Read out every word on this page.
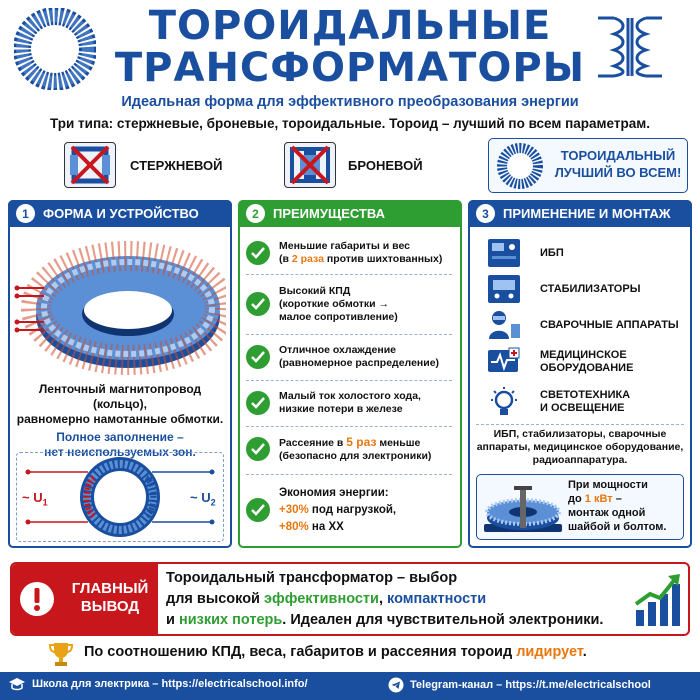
ТОРОИДАЛЬНЫЕ
ТРАНСФОРМАТОРЫ
Идеальная форма для эффективного преобразования энергии
Три типа: стержневые, броневые, тороидальные. Тороид – лучший по всем параметрам.
СТЕРЖНЕВОЙ	БРОНЕВОЙ
ТОРОИДАЛЬНЫЙ
ЛУЧШИЙ ВО ВСЕМ!
1	ФОРМА И УСТРОЙСТВО
Ленточный магнитопровод (кольцо),
равномерно намотанные обмотки.
Полное заполнение –
нет неиспользуемых зон.
~ $U_1$	~ $U_2$
2	ПРЕИМУЩЕСТВА
Меньшие габариты и вес
(в 2 раза против шихтованных)
Высокий КПД
(короткие обмотки →
малое сопротивление)
Отличное охлаждение
(равномерное распределение)
Малый ток холостого хода,
низкие потери в железе
Рассеяние в 5 раз меньше
(безопасно для электроники)
Экономия энергии:
+30% под нагрузкой,
+80% на ХХ
3	ПРИМЕНЕНИЕ И МОНТАЖ
ИБП
СТАБИЛИЗАТОРЫ
СВАРОЧНЫЕ АППАРАТЫ
МЕДИЦИНСКОЕ
ОБОРУДОВАНИЕ
СВЕТОТЕХНИКА
И ОСВЕЩЕНИЕ
ИБП, стабилизаторы, сварочные
аппараты, медицинское оборудование,
радиоаппаратура.
При мощности
до 1 кВт –
монтаж одной
шайбой и болтом.
ГЛАВНЫЙ
ВЫВОД
Тороидальный трансформатор – выбор
для высокой эффективности, компактности
и низких потерь. Идеален для чувствительной электроники.
По соотношению КПД, веса, габаритов и рассеяния тороид лидирует.
Школа для электрика – https://electricalschool.info/	Telegram-канал – https://t.me/electricalschool
